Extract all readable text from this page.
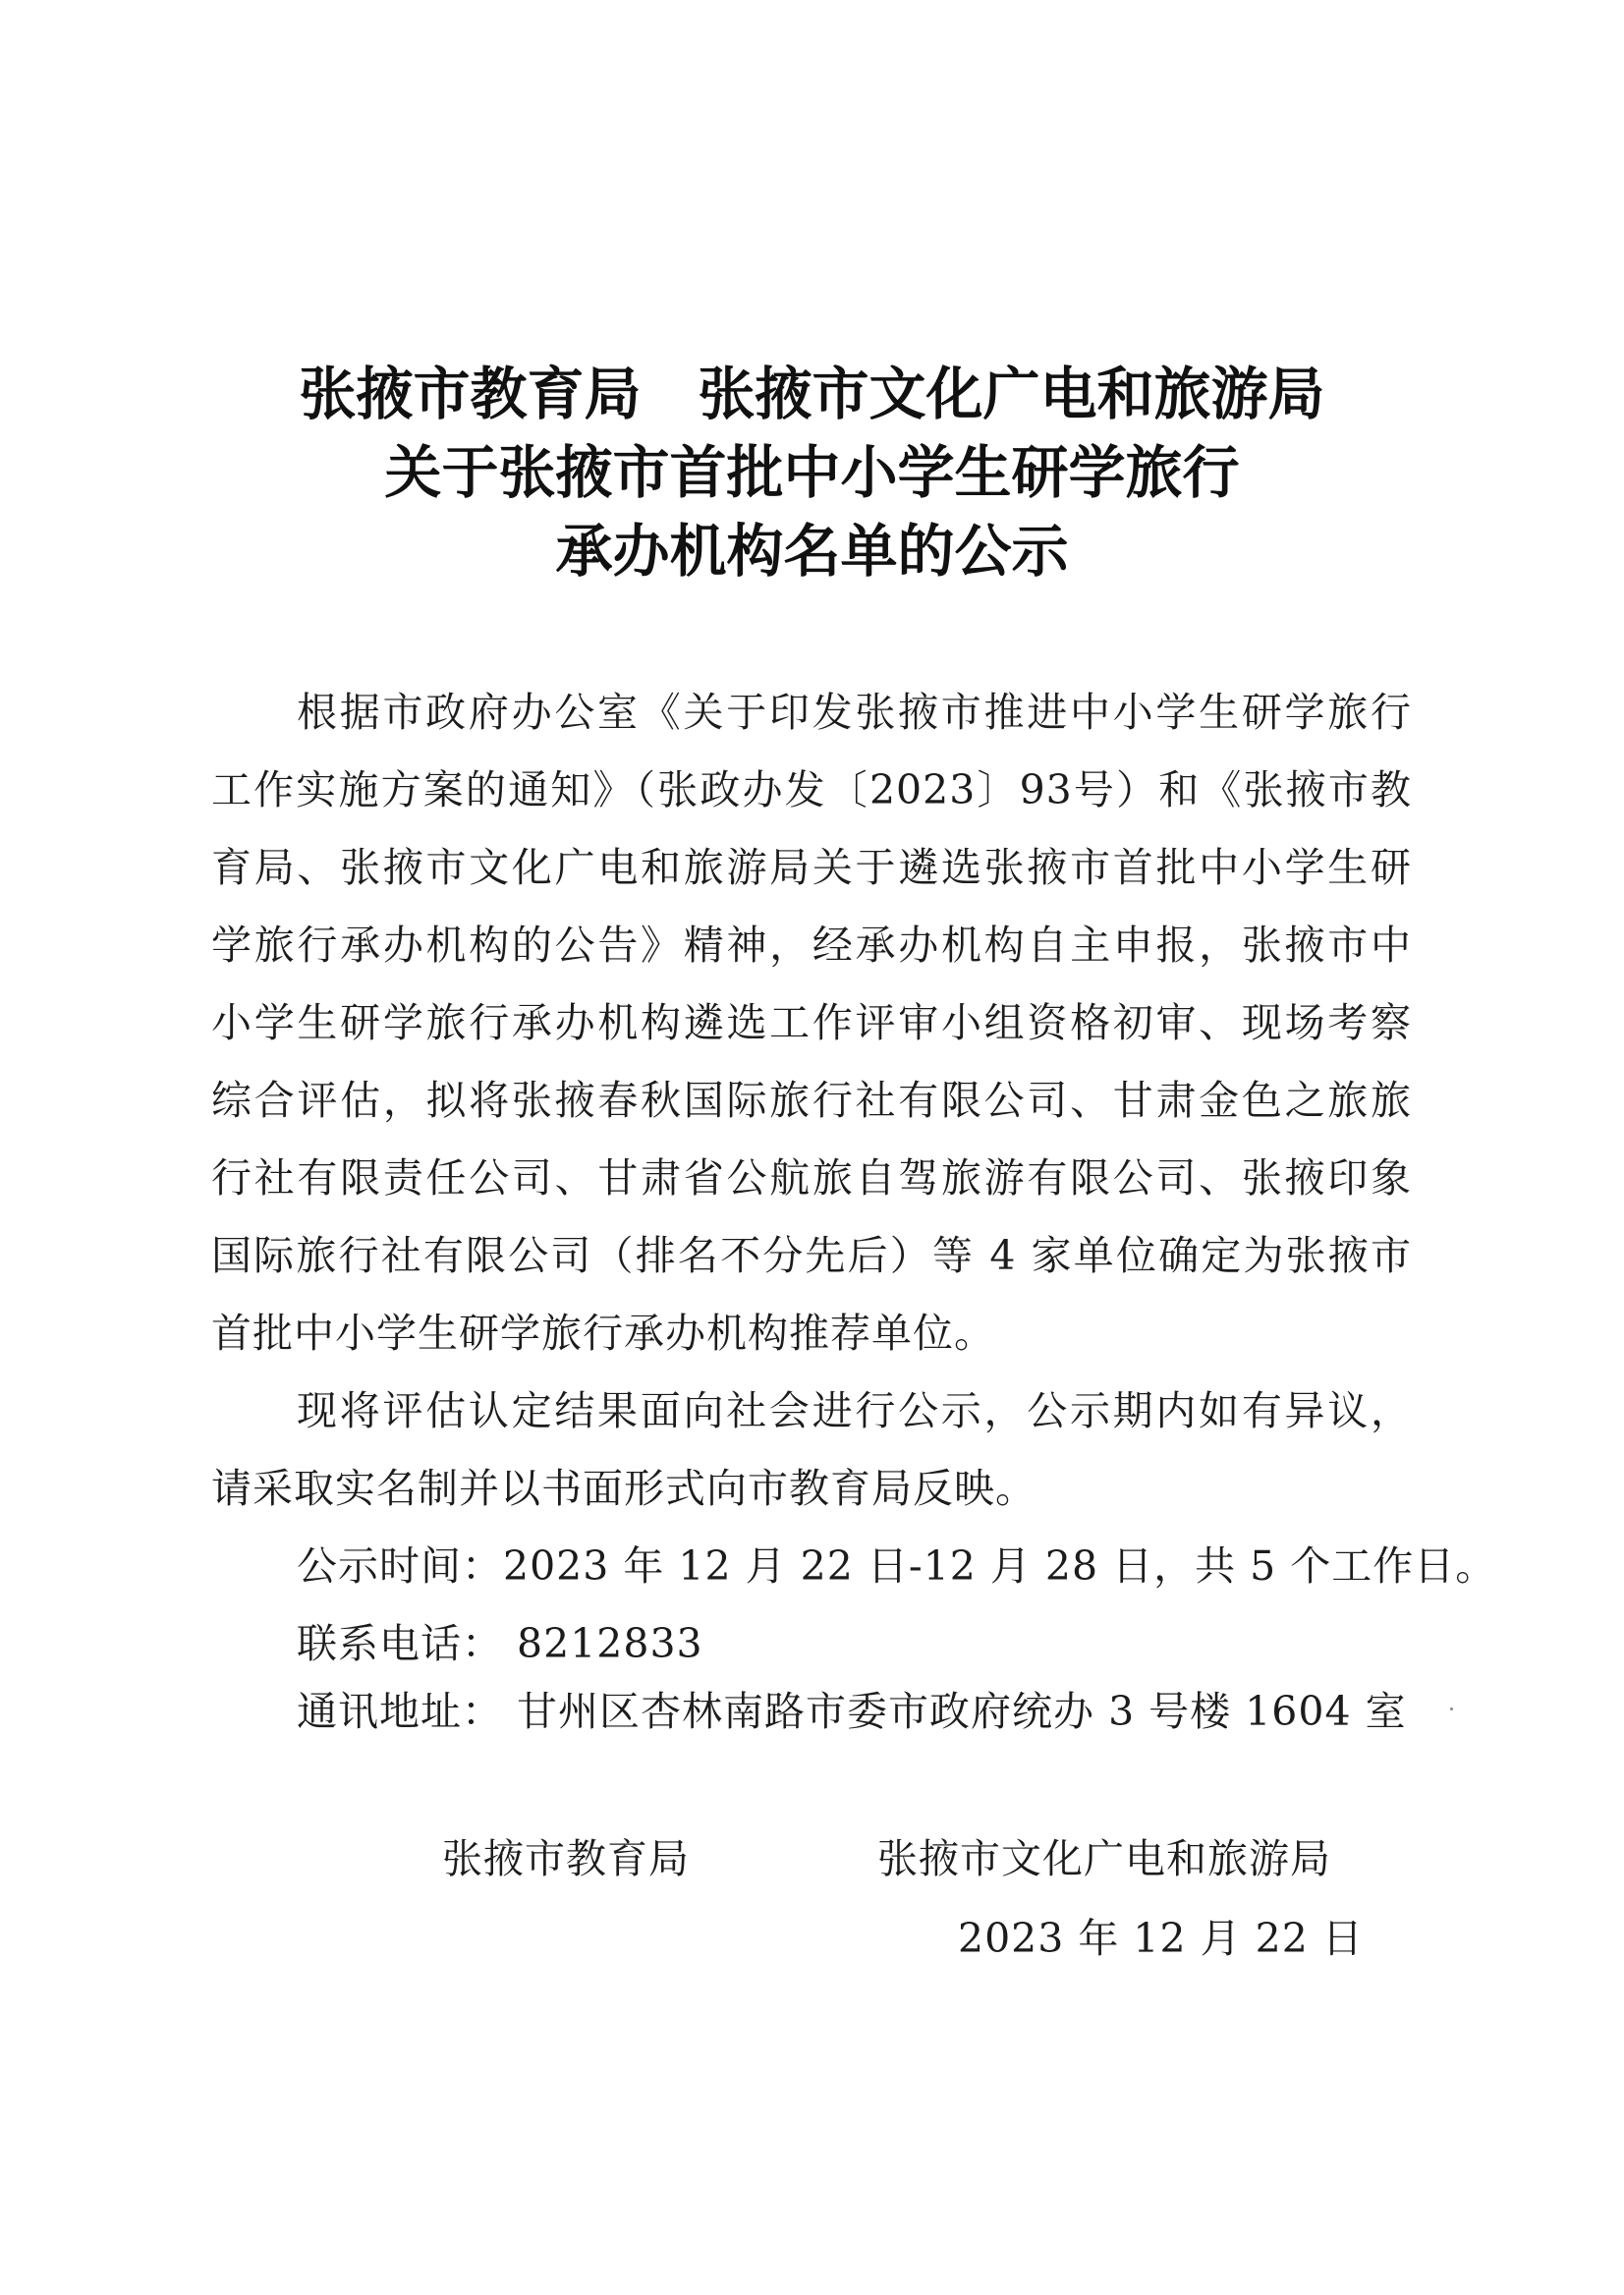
张掖市教育局 张掖市文化广电和旅游局
关于张掖市首批中小学生研学旅行
承办机构名单的公示
根据市政府办公室《关于印发张掖市推进中小学生研学旅行
工作实施方案的通知》（张政办发〔2023〕93号）和《张掖市教
育局、张掖市文化广电和旅游局关于遴选张掖市首批中小学生研
学旅行承办机构的公告》精神，经承办机构自主申报，张掖市中
小学生研学旅行承办机构遴选工作评审小组资格初审、现场考察
综合评估，拟将张掖春秋国际旅行社有限公司、甘肃金色之旅旅
行社有限责任公司、甘肃省公航旅自驾旅游有限公司、张掖印象
国际旅行社有限公司（排名不分先后）等 4 家单位确定为张掖市
首批中小学生研学旅行承办机构推荐单位。
现将评估认定结果面向社会进行公示，公示期内如有异议，
请采取实名制并以书面形式向市教育局反映。
公示时间：2023 年 12 月 22 日-12 月 28 日，共 5 个工作日。
联系电话： 8212833
通讯地址： 甘州区杏林南路市委市政府统办 3 号楼 1604 室
张掖市教育局	张掖市文化广电和旅游局
2023 年 12 月 22 日
